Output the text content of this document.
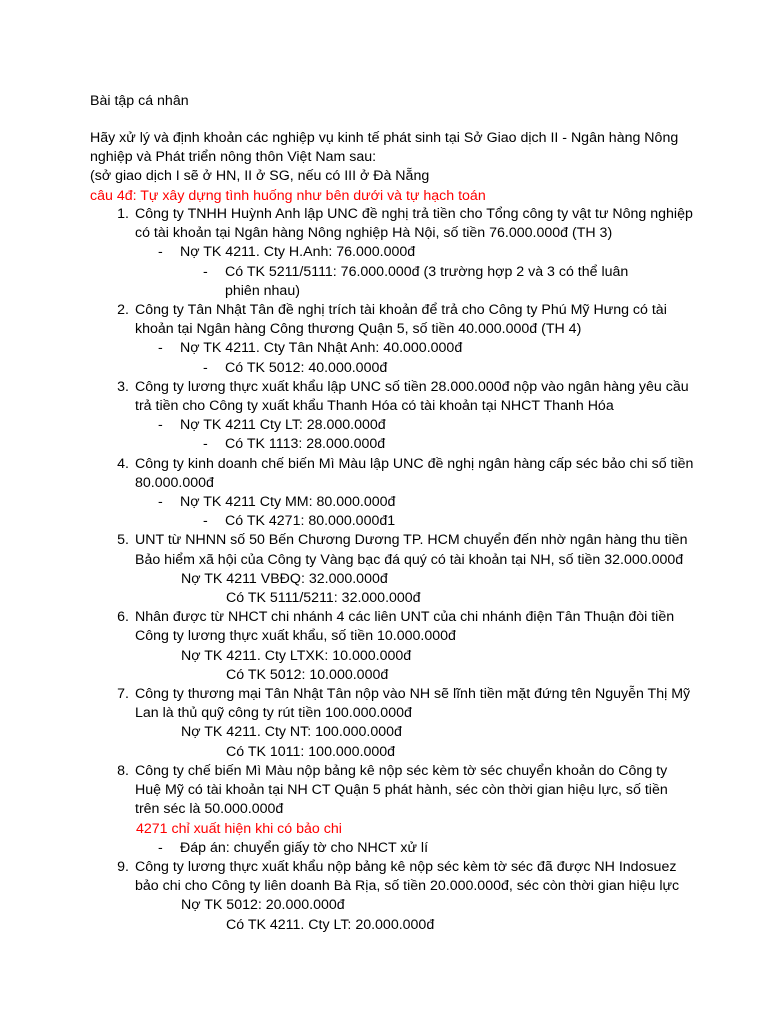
Bài tập cá nhân
Hãy xử lý và định khoản các nghiệp vụ kinh tế phát sinh tại Sở Giao dịch II - Ngân hàng Nông
nghiệp và Phát triển nông thôn Việt Nam sau:
(sở giao dịch I sẽ ở HN, II ở SG, nếu có III ở Đà Nẵng
câu 4đ: Tự xây dựng tình huống như bên dưới và tự hạch toán
1. Công ty TNHH Huỳnh Anh lập UNC đề nghị trả tiền cho Tổng công ty vật tư Nông nghiệp có tài khoản tại Ngân hàng Nông nghiệp Hà Nội, số tiền 76.000.000đ (TH 3)
-	Nợ TK 4211. Cty H.Anh: 76.000.000đ
-	Có TK 5211/5111: 76.000.000đ (3 trường hợp 2 và 3 có thể luân phiên nhau)
2. Công ty Tân Nhật Tân đề nghị trích tài khoản để trả cho Công ty Phú Mỹ Hưng có tài khoản tại Ngân hàng Công thương Quận 5, số tiền 40.000.000đ (TH 4)
-	Nợ TK 4211. Cty Tân Nhật Anh: 40.000.000đ
-	Có TK 5012: 40.000.000đ
3. Công ty lương thực xuất khẩu lập UNC số tiền 28.000.000đ nộp vào ngân hàng yêu cầu trả tiền cho Công ty xuất khẩu Thanh Hóa có tài khoản tại NHCT Thanh Hóa
-	Nợ TK 4211 Cty LT: 28.000.000đ
-	Có TK 1113: 28.000.000đ
4. Công ty kinh doanh chế biến Mì Màu lập UNC đề nghị ngân hàng cấp séc bảo chi số tiền 80.000.000đ
-	Nợ TK 4211 Cty MM: 80.000.000đ
-	Có TK 4271: 80.000.000đ1
5. UNT từ NHNN số 50 Bến Chương Dương TP. HCM chuyển đến nhờ ngân hàng thu tiền Bảo hiểm xã hội của Công ty Vàng bạc đá quý có tài khoản tại NH, số tiền 32.000.000đ
Nợ TK 4211 VBĐQ: 32.000.000đ
Có TK 5111/5211: 32.000.000đ
6. Nhân được từ NHCT chi nhánh 4 các liên UNT của chi nhánh điện Tân Thuận đòi tiền Công ty lương thực xuất khẩu, số tiền 10.000.000đ
Nợ TK 4211. Cty LTXK: 10.000.000đ
Có TK 5012: 10.000.000đ
7. Công ty thương mại Tân Nhật Tân nộp vào NH sẽ lĩnh tiền mặt đứng tên Nguyễn Thị Mỹ Lan là thủ quỹ công ty rút tiền 100.000.000đ
Nợ TK 4211. Cty NT: 100.000.000đ
Có TK 1011: 100.000.000đ
8. Công ty chế biến Mì Màu nộp bảng kê nộp séc kèm tờ séc chuyển khoản do Công ty Huệ Mỹ có tài khoản tại NH CT Quận 5 phát hành, séc còn thời gian hiệu lực, số tiền trên séc là 50.000.000đ
4271 chỉ xuất hiện khi có bảo chi
-	Đáp án: chuyển giấy tờ cho NHCT xử lí
9. Công ty lương thực xuất khẩu nộp bảng kê nộp séc kèm tờ séc đã được NH Indosuez bảo chi cho Công ty liên doanh Bà Rịa, số tiền 20.000.000đ, séc còn thời gian hiệu lực
Nợ TK 5012: 20.000.000đ
Có TK 4211. Cty LT: 20.000.000đ
